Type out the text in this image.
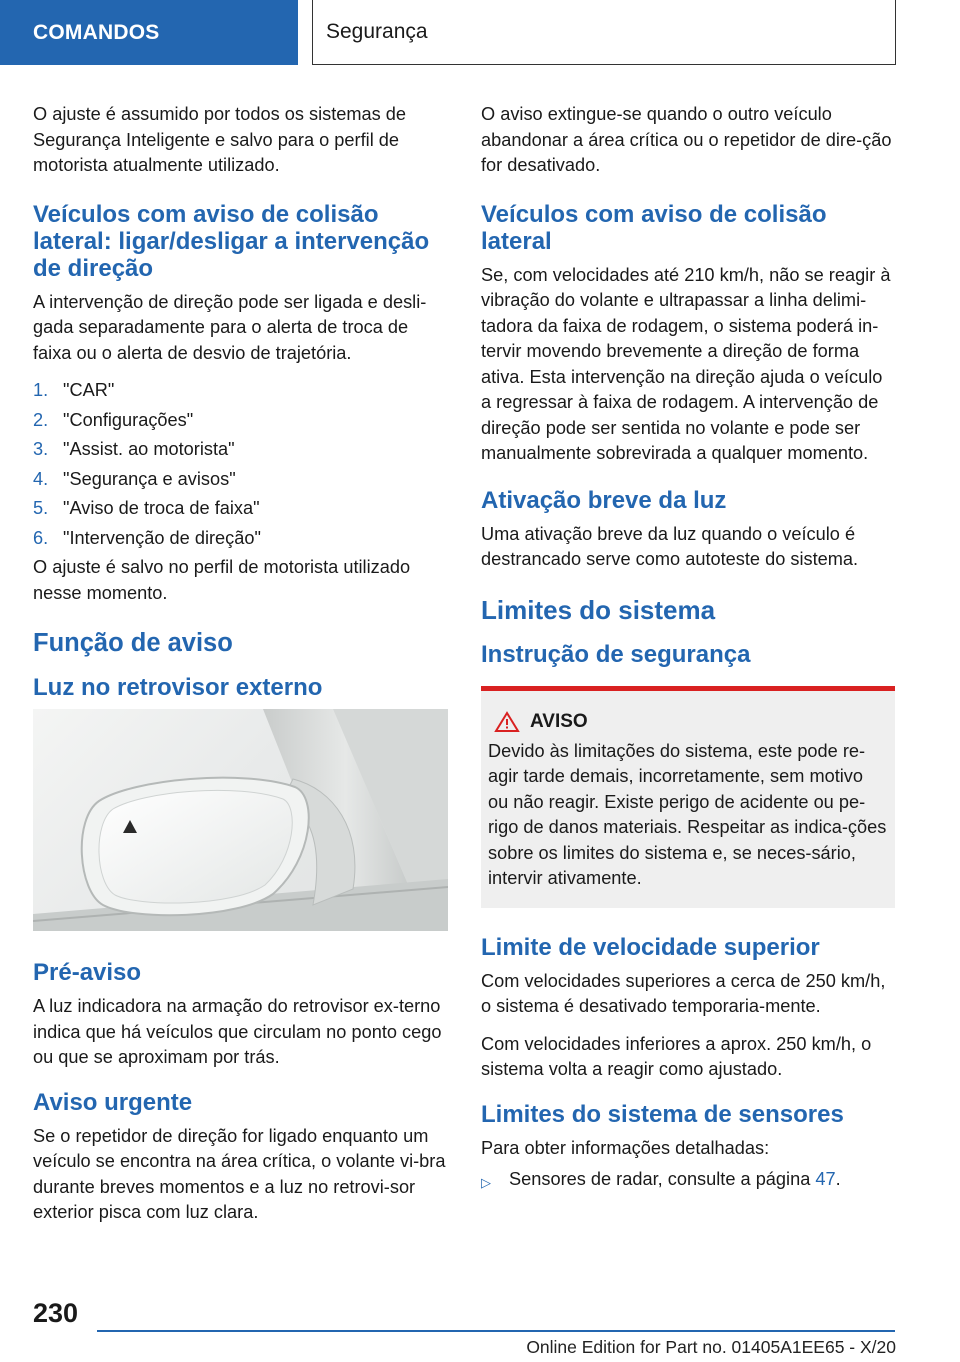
COMANDOS	Segurança

O ajuste é assumido por todos os sistemas de Segurança Inteligente e salvo para o perfil de motorista atualmente utilizado.

Veículos com aviso de colisão lateral: ligar/desligar a intervenção de direção

A intervenção de direção pode ser ligada e desli‐gada separadamente para o alerta de troca de faixa ou o alerta de desvio de trajetória.

1. "CAR"
2. "Configurações"
3. "Assist. ao motorista"
4. "Segurança e avisos"
5. "Aviso de troca de faixa"
6. "Intervenção de direção"

O ajuste é salvo no perfil de motorista utilizado nesse momento.

Função de aviso
Luz no retrovisor externo
Pré-aviso

A luz indicadora na armação do retrovisor ex‐terno indica que há veículos que circulam no ponto cego ou que se aproximam por trás.

Aviso urgente

Se o repetidor de direção for ligado enquanto um veículo se encontra na área crítica, o volante vi‐bra durante breves momentos e a luz no retrovi‐sor exterior pisca com luz clara.

O aviso extingue-se quando o outro veículo abandonar a área crítica ou o repetidor de dire‐ção for desativado.

Veículos com aviso de colisão lateral

Se, com velocidades até 210 km/h, não se reagir à vibração do volante e ultrapassar a linha delimi‐tadora da faixa de rodagem, o sistema poderá in‐tervir movendo brevemente a direção de forma ativa. Esta intervenção na direção ajuda o veículo a regressar à faixa de rodagem. A intervenção de direção pode ser sentida no volante e pode ser manualmente sobrevirada a qualquer momento.

Ativação breve da luz

Uma ativação breve da luz quando o veículo é destrancado serve como autoteste do sistema.

Limites do sistema
Instrução de segurança
AVISO

Devido às limitações do sistema, este pode re‐agir tarde demais, incorretamente, sem motivo ou não reagir. Existe perigo de acidente ou pe‐rigo de danos materiais. Respeitar as indica‐ções sobre os limites do sistema e, se neces‐sário, intervir ativamente.

Limite de velocidade superior

Com velocidades superiores a cerca de 250 km/h, o sistema é desativado temporaria‐mente.

Com velocidades inferiores a aprox. 250 km/h, o sistema volta a reagir como ajustado.

Limites do sistema de sensores

Para obter informações detalhadas:

▷ Sensores de radar, consulte a página 47.
230
Online Edition for Part no. 01405A1EE65 - X/20
